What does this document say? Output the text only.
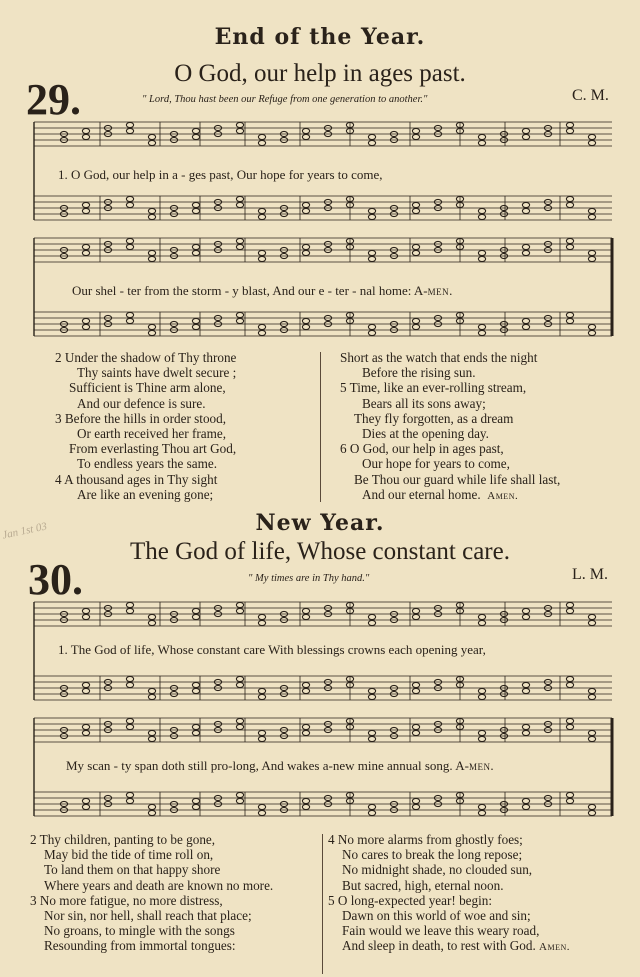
End of the Year.
29.
O God, our help in ages past.
" Lord, Thou hast been our Refuge from one generation to another."	C. M.
1. O God, our help in a - ges past, Our hope for years to come,
Our shel - ter from the storm - y blast, And our e - ter - nal home: A-men.
2 Under the shadow of Thy throne
Thy saints have dwelt secure ;
Sufficient is Thine arm alone,
And our defence is sure.
3 Before the hills in order stood,
Or earth received her frame,
From everlasting Thou art God,
To endless years the same.
4 A thousand ages in Thy sight
Are like an evening gone;
Short as the watch that ends the night
Before the rising sun.
5 Time, like an ever-rolling stream,
Bears all its sons away;
They fly forgotten, as a dream
Dies at the opening day.
6 O God, our help in ages past,
Our hope for years to come,
Be Thou our guard while life shall last,
And our eternal home. Amen.
Jan 1st 03	New Year.
30.
The God of life, Whose constant care.
" My times are in Thy hand."	L. M.
1. The God of life, Whose constant care With blessings crowns each opening year,
My scan - ty span doth still pro-long, And wakes a-new mine annual song. A-men.
2 Thy children, panting to be gone,
May bid the tide of time roll on,
To land them on that happy shore
Where years and death are known no more.
3 No more fatigue, no more distress,
Nor sin, nor hell, shall reach that place;
No groans, to mingle with the songs
Resounding from immortal tongues:
4 No more alarms from ghostly foes;
No cares to break the long repose;
No midnight shade, no clouded sun,
But sacred, high, eternal noon.
5 O long-expected year! begin:
Dawn on this world of woe and sin;
Fain would we leave this weary road,
And sleep in death, to rest with God. Amen.
